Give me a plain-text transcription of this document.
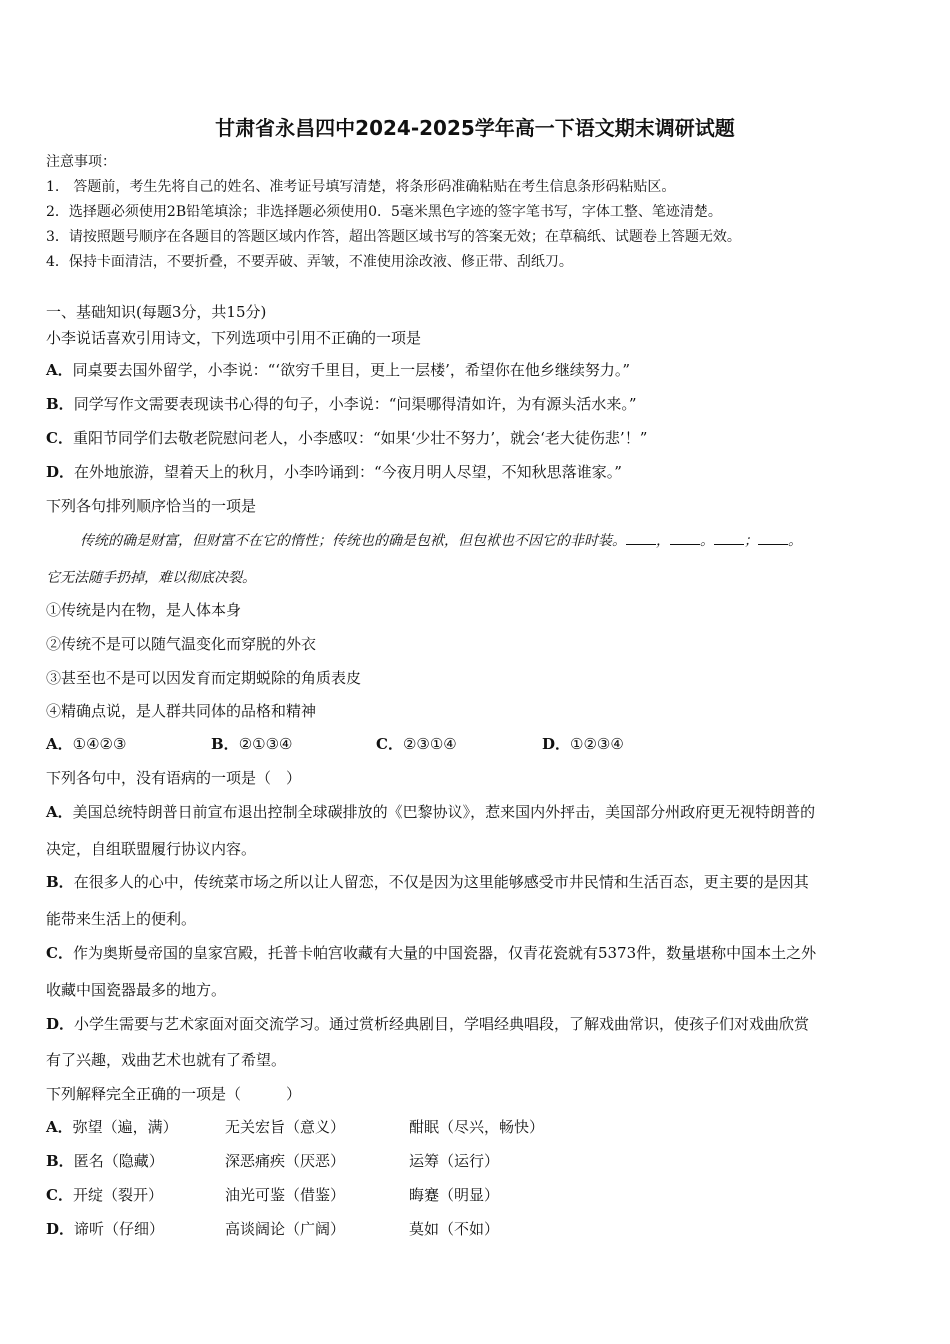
甘肃省永昌四中2024-2025学年高一下语文期末调研试题
注意事项：
1.　答题前，考生先将自己的姓名、准考证号填写清楚，将条形码准确粘贴在考生信息条形码粘贴区。
2．选择题必须使用2B铅笔填涂；非选择题必须使用0．5毫米黑色字迹的签字笔书写，字体工整、笔迹清楚。
3．请按照题号顺序在各题目的答题区域内作答，超出答题区域书写的答案无效；在草稿纸、试题卷上答题无效。
4．保持卡面清洁，不要折叠，不要弄破、弄皱，不准使用涂改液、修正带、刮纸刀。
一、基础知识(每题3分，共15分)
小李说话喜欢引用诗文，下列选项中引用不正确的一项是
A．同桌要去国外留学，小李说：“‘欲穷千里目，更上一层楼’，希望你在他乡继续努力。”
B．同学写作文需要表现读书心得的句子，小李说：“问渠哪得清如许，为有源头活水来。”
C．重阳节同学们去敬老院慰问老人，小李感叹：“如果‘少壮不努力’，就会‘老大徒伤悲’！”
D．在外地旅游，望着天上的秋月，小李吟诵到：“今夜月明人尽望，不知秋思落谁家。”
下列各句排列顺序恰当的一项是
传统的确是财富，但财富不在它的惰性；传统也的确是包袱，但包袱也不因它的非时装。 ， 。 ； 。
它无法随手扔掉，难以彻底决裂。
①传统是内在物，是人体本身
②传统不是可以随气温变化而穿脱的外衣
③甚至也不是可以因发育而定期蜕除的角质表皮
④精确点说，是人群共同体的品格和精神
A．①④②③	B．②①③④	C．②③①④	D．①②③④
下列各句中，没有语病的一项是（　）
A．美国总统特朗普日前宣布退出控制全球碳排放的《巴黎协议》，惹来国内外抨击，美国部分州政府更无视特朗普的
决定，自组联盟履行协议内容。
B．在很多人的心中，传统菜市场之所以让人留恋，不仅是因为这里能够感受市井民情和生活百态，更主要的是因其
能带来生活上的便利。
C．作为奥斯曼帝国的皇家宫殿，托普卡帕宫收藏有大量的中国瓷器，仅青花瓷就有5373件，数量堪称中国本土之外
收藏中国瓷器最多的地方。
D．小学生需要与艺术家面对面交流学习。通过赏析经典剧目，学唱经典唱段，了解戏曲常识，使孩子们对戏曲欣赏
有了兴趣，戏曲艺术也就有了希望。
下列解释完全正确的一项是（　　　）
A．弥望（遍，满）	无关宏旨（意义）	酣眠（尽兴，畅快）
B．匿名（隐藏）	深恶痛疾（厌恶）	运筹（运行）
C．开绽（裂开）	油光可鉴（借鉴）	晦蹇（明显）
D．谛听（仔细）	高谈阔论（广阔）	莫如（不如）
